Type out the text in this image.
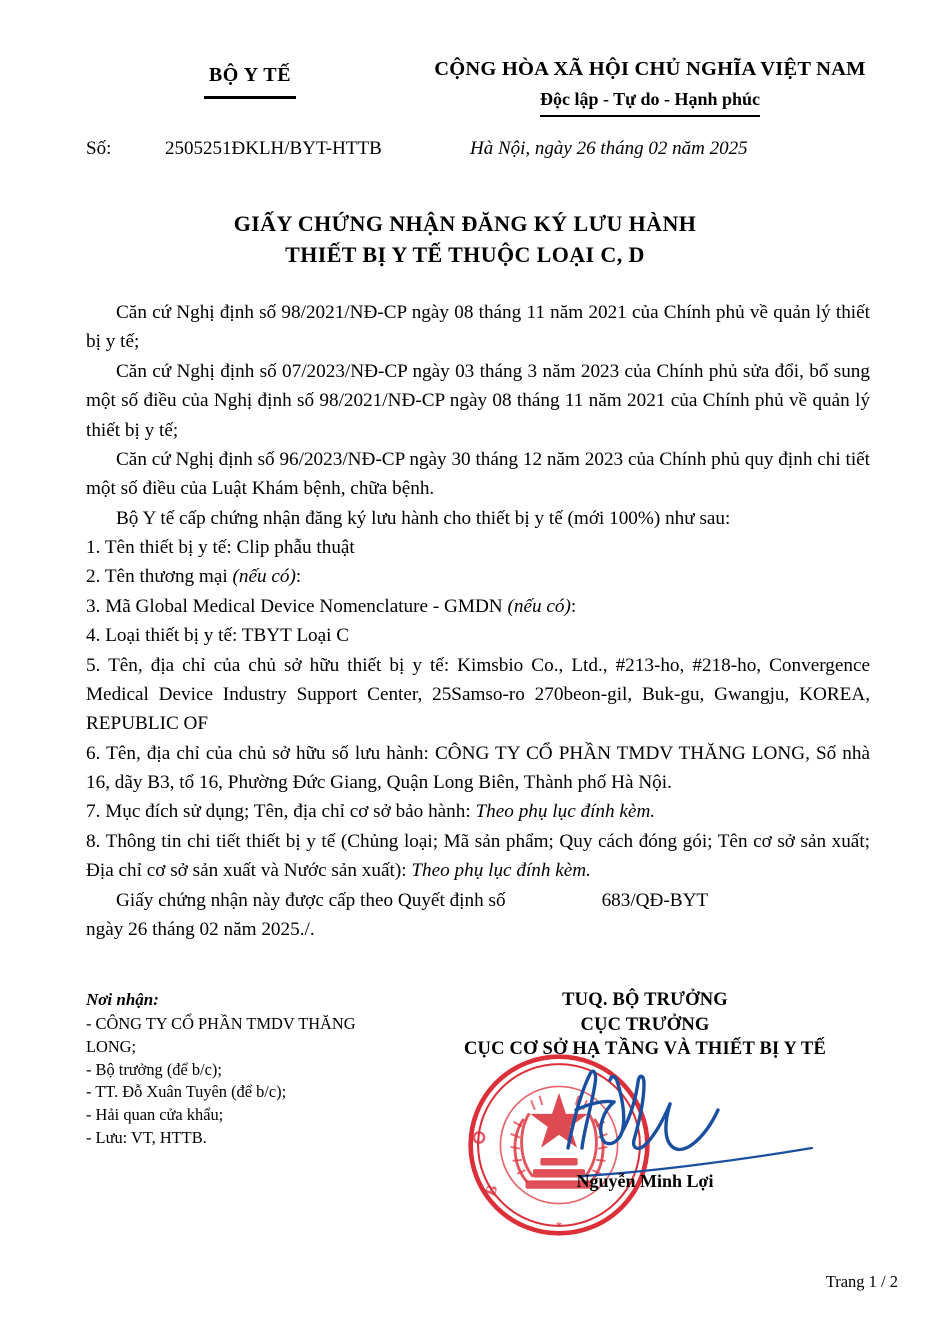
BỘ Y TẾ	CỘNG HÒA XÃ HỘI CHỦ NGHĨA VIỆT NAM
Độc lập - Tự do - Hạnh phúc
Số:	2505251ĐKLH/BYT-HTTB	Hà Nội, ngày 26 tháng 02 năm 2025
GIẤY CHỨNG NHẬN ĐĂNG KÝ LƯU HÀNH
THIẾT BỊ Y TẾ THUỘC LOẠI C, D

Căn cứ Nghị định số 98/2021/NĐ-CP ngày 08 tháng 11 năm 2021 của Chính phủ về quản lý thiết bị y tế;

Căn cứ Nghị định số 07/2023/NĐ-CP ngày 03 tháng 3 năm 2023 của Chính phủ sửa đổi, bổ sung một số điều của Nghị định số 98/2021/NĐ-CP ngày 08 tháng 11 năm 2021 của Chính phủ về quản lý thiết bị y tế;

Căn cứ Nghị định số 96/2023/NĐ-CP ngày 30 tháng 12 năm 2023 của Chính phủ quy định chi tiết một số điều của Luật Khám bệnh, chữa bệnh.

Bộ Y tế cấp chứng nhận đăng ký lưu hành cho thiết bị y tế (mới 100%) như sau:

1. Tên thiết bị y tế: Clip phẫu thuật

2. Tên thương mại (nếu có):

3. Mã Global Medical Device Nomenclature - GMDN (nếu có):

4. Loại thiết bị y tế: TBYT Loại C

5. Tên, địa chỉ của chủ sở hữu thiết bị y tế: Kimsbio Co., Ltd., #213-ho, #218-ho, Convergence Medical Device Industry Support Center, 25Samso-ro 270beon-gil, Buk-gu, Gwangju, KOREA, REPUBLIC OF

6. Tên, địa chỉ của chủ sở hữu số lưu hành: CÔNG TY CỔ PHẦN TMDV THĂNG LONG, Số nhà 16, dãy B3, tổ 16, Phường Đức Giang, Quận Long Biên, Thành phố Hà Nội.

7. Mục đích sử dụng; Tên, địa chỉ cơ sở bảo hành: Theo phụ lục đính kèm.

8. Thông tin chi tiết thiết bị y tế (Chủng loại; Mã sản phẩm; Quy cách đóng gói; Tên cơ sở sản xuất; Địa chỉ cơ sở sản xuất và Nước sản xuất): Theo phụ lục đính kèm.

Giấy chứng nhận này được cấp theo Quyết định số	683/QĐ-BYT

ngày 26 tháng 02 năm 2025./.

Nơi nhận:
- CÔNG TY CỔ PHẦN TMDV THĂNG LONG;
- Bộ trưởng (để b/c);
- TT. Đỗ Xuân Tuyên (để b/c);
- Hải quan cửa khẩu;
- Lưu: VT, HTTB.
TUQ. BỘ TRƯỞNG
CỤC TRƯỞNG
CỤC CƠ SỞ HẠ TẦNG VÀ THIẾT BỊ Y TẾ
Nguyễn Minh Lợi
B
*
Trang 1 / 2
